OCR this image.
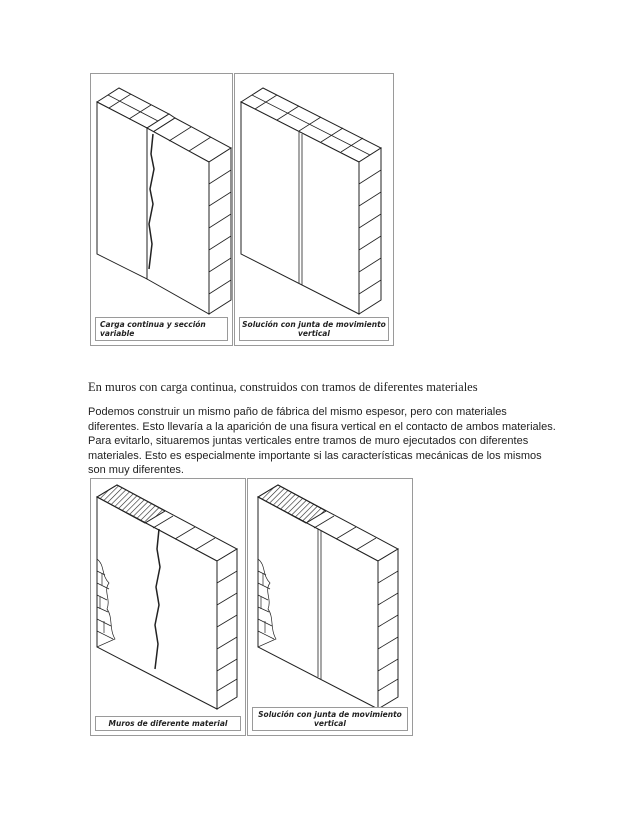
Carga continua y sección variable
Solución con junta de movimiento
vertical
En muros con carga continua, construidos con tramos de diferentes materiales

Podemos construir un mismo paño de fábrica del mismo espesor, pero con materiales diferentes. Esto llevaría a la aparición de una fisura vertical en el contacto de ambos materiales. Para evitarlo, situaremos juntas verticales entre tramos de muro ejecutados con diferentes materiales. Esto es especialmente importante si las características mecánicas de los mismos son muy diferentes.

Muros de diferente material
Solución con junta de movimiento
vertical
